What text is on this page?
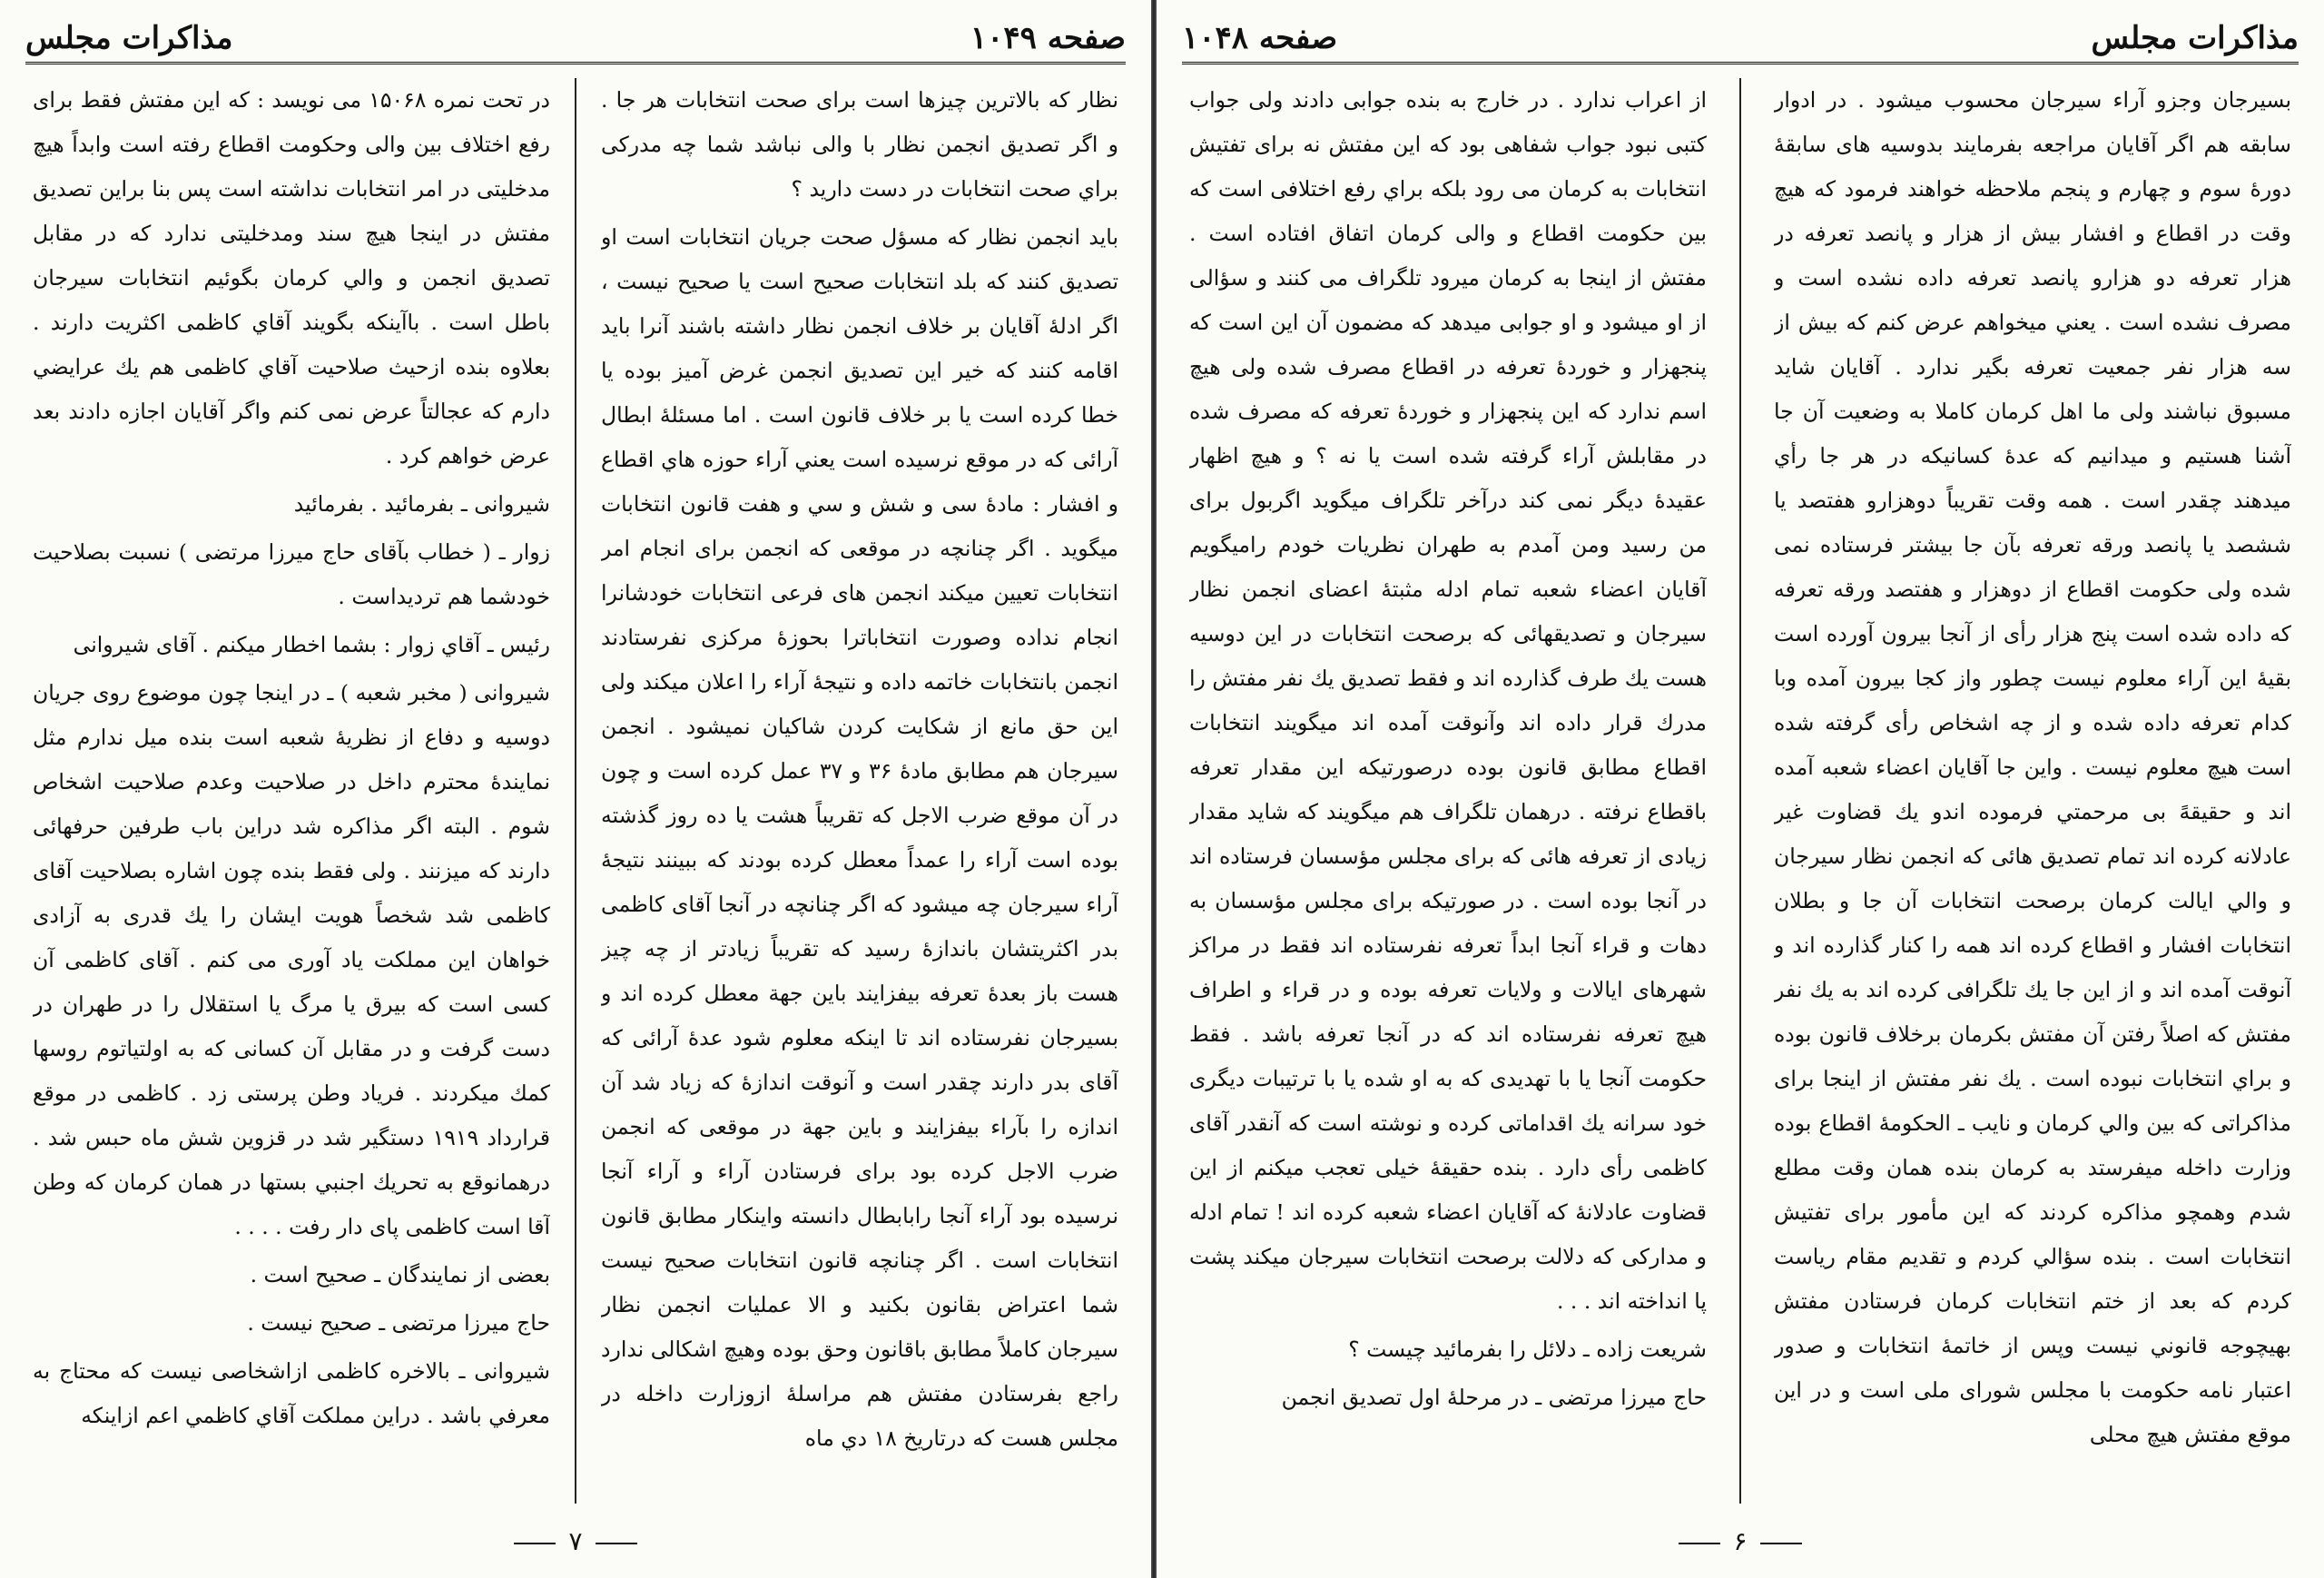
صفحه ۱۰۴۹
مذاکرات مجلس

نظار که بالاترین چیزها است برای صحت انتخابات هر جا . و اگر تصدیق انجمن نظار با والی نباشد شما چه مدرکی براي صحت انتخابات در دست دارید ؟

باید انجمن نظار که مسؤل صحت جریان انتخابات است او تصدیق کنند که بلد انتخابات صحیح است یا صحیح نیست ، اگر ادلهٔ آقایان بر خلاف انجمن نظار داشته باشند آنرا باید اقامه کنند که خیر این تصدیق انجمن غرض آمیز بوده یا خطا کرده است یا بر خلاف قانون است . اما مسئلهٔ ابطال آرائی که در موقع نرسیده است یعني آراء حوزه هاي اقطاع و افشار : مادهٔ سی و شش و سي و هفت قانون انتخابات میگوید . اگر چنانچه در موقعی که انجمن برای انجام امر انتخابات تعیین میکند انجمن های فرعی انتخابات خودشانرا انجام نداده وصورت انتخاباترا بحوزهٔ مرکزی نفرستادند انجمن بانتخابات خاتمه داده و نتیجهٔ آراء را اعلان میکند ولی این حق مانع از شکایت کردن شاکیان نمیشود . انجمن سیرجان هم مطابق مادهٔ ۳۶ و ۳۷ عمل کرده است و چون در آن موقع ضرب الاجل که تقریباً هشت یا ده روز گذشته بوده است آراء را عمداً معطل کرده بودند که ببینند نتیجهٔ آراء سیرجان چه میشود که اگر چنانچه در آنجا آقای کاظمی بدر اکثریتشان باندازهٔ رسید که تقریباً زیادتر از چه چیز هست باز بعدهٔ تعرفه بیفزایند باین جهة معطل کرده اند و بسیرجان نفرستاده اند تا اینکه معلوم شود عدهٔ آرائی که آقای بدر دارند چقدر است و آنوقت اندازهٔ که زیاد شد آن اندازه را بآراء بیفزایند و باین جهة در موقعی که انجمن ضرب الاجل کرده بود برای فرستادن آراء و آراء آنجا نرسیده بود آراء آنجا رابابطال دانسته واینکار مطابق قانون انتخابات است . اگر چنانچه قانون انتخابات صحیح نیست شما اعتراض بقانون بکنید و الا عملیات انجمن نظار سیرجان کاملاً مطابق باقانون وحق بوده وهیچ اشکالی ندارد راجع بفرستادن مفتش هم مراسلهٔ ازوزارت داخله در مجلس هست که درتاریخ ۱۸ دي ماه

در تحت نمره ۱۵۰۶۸ می نویسد : که این مفتش فقط برای رفع اختلاف بین والی وحکومت اقطاع رفته است وابداً هیچ مدخلیتی در امر انتخابات نداشته است پس بنا براین تصدیق مفتش در اینجا هیچ سند ومدخلیتی ندارد که در مقابل تصدیق انجمن و والي کرمان بگوئیم انتخابات سیرجان باطل است . باآینکه بگویند آقاي کاظمی اکثریت دارند . بعلاوه بنده ازحیث صلاحیت آقاي کاظمی هم یك عرایضي دارم که عجالتاً عرض نمی کنم واگر آقایان اجازه دادند بعد عرض خواهم کرد .

شیروانی ـ بفرمائید . بفرمائید

زوار ـ ( خطاب بآقای حاج میرزا مرتضی ) نسبت بصلاحیت خودشما هم تردیداست .

رئیس ـ آقاي زوار : بشما اخطار میکنم . آقای شیروانی

شیروانی ( مخبر شعبه ) ـ در اینجا چون موضوع روی جریان دوسیه و دفاع از نظریهٔ شعبه است بنده میل ندارم مثل نمایندهٔ محترم داخل در صلاحیت وعدم صلاحیت اشخاص شوم . البته اگر مذاکره شد دراین باب طرفین حرفهائی دارند که میزنند . ولی فقط بنده چون اشاره بصلاحیت آقای کاظمی شد شخصاً هویت ایشان را یك قدری به آزادی خواهان این مملکت یاد آوری می کنم . آقای کاظمی آن کسی است که بیرق یا مرگ یا استقلال را در طهران در دست گرفت و در مقابل آن کسانی که به اولتیاتوم روسها کمك میکردند . فریاد وطن پرستی زد . کاظمی در موقع قرارداد ۱۹۱۹ دستگیر شد در قزوین شش ماه حبس شد . درهمانوقع به تحریك اجنبي بستها در همان کرمان که وطن آقا است کاظمی پای دار رفت . . . .

بعضی از نمایندگان ـ صحیح است .

حاج میرزا مرتضی ـ صحیح نیست .

شیروانی ـ بالاخره کاظمی ازاشخاصی نیست که محتاج به معرفي باشد . دراین مملکت آقاي کاظمي اعم ازاینکه

۷
مذاکرات مجلس
صفحه ۱۰۴۸

بسیرجان وجزو آراء سیرجان محسوب میشود . در ادوار سابقه هم اگر آقایان مراجعه بفرمایند بدوسیه های سابقهٔ دورهٔ سوم و چهارم و پنجم ملاحظه خواهند فرمود که هیچ وقت در اقطاع و افشار بیش از هزار و پانصد تعرفه در هزار تعرفه دو هزارو پانصد تعرفه داده نشده است و مصرف نشده است . یعني میخواهم عرض کنم که بیش از سه هزار نفر جمعیت تعرفه بگیر ندارد . آقایان شاید مسبوق نباشند ولی ما اهل کرمان کاملا به وضعیت آن جا آشنا هستیم و میدانیم که عدهٔ کسانیکه در هر جا رأي میدهند چقدر است . همه وقت تقریباً دوهزارو هفتصد یا ششصد یا پانصد ورقه تعرفه بآن جا بیشتر فرستاده نمی شده ولی حکومت اقطاع از دوهزار و هفتصد ورقه تعرفه که داده شده است پنج هزار رأی از آنجا بیرون آورده است بقیهٔ این آراء معلوم نیست چطور واز کجا بیرون آمده وبا کدام تعرفه داده شده و از چه اشخاص رأی گرفته شده است هیچ معلوم نیست . واین جا آقایان اعضاء شعبه آمده اند و حقیقهً بی مرحمتي فرموده اندو یك قضاوت غیر عادلانه کرده اند تمام تصدیق هائی که انجمن نظار سیرجان و والي ایالت کرمان برصحت انتخابات آن جا و بطلان انتخابات افشار و اقطاع کرده اند همه را کنار گذارده اند و آنوقت آمده اند و از این جا یك تلگرافی کرده اند به یك نفر مفتش که اصلاً رفتن آن مفتش بکرمان برخلاف قانون بوده و براي انتخابات نبوده است . یك نفر مفتش از اینجا برای مذاکراتی که بین والي کرمان و نایب ـ الحکومهٔ اقطاع بوده وزارت داخله میفرستد به کرمان بنده همان وقت مطلع شدم وهمچو مذاکره کردند که این مأمور برای تفتیش انتخابات است . بنده سؤالي کردم و تقدیم مقام ریاست کردم که بعد از ختم انتخابات کرمان فرستادن مفتش بهیچوجه قانوني نیست وپس از خاتمهٔ انتخابات و صدور اعتبار نامه حکومت با مجلس شورای ملی است و در این موقع مفتش هیچ محلی

از اعراب ندارد . در خارج به بنده جوابی دادند ولی جواب کتبی نبود جواب شفاهی بود که این مفتش نه برای تفتیش انتخابات به کرمان می رود بلکه براي رفع اختلافی است که بین حکومت اقطاع و والی کرمان اتفاق افتاده است . مفتش از اینجا به کرمان میرود تلگراف می کنند و سؤالی از او میشود و او جوابی میدهد که مضمون آن این است که پنجهزار و خوردهٔ تعرفه در اقطاع مصرف شده ولی هیچ اسم ندارد که این پنجهزار و خوردهٔ تعرفه که مصرف شده در مقابلش آراء گرفته شده است یا نه ؟ و هیچ اظهار عقیدهٔ دیگر نمی کند درآخر تلگراف میگوید اگربول برای من رسید ومن آمدم به طهران نظریات خودم رامیگویم آقایان اعضاء شعبه تمام ادله مثبتهٔ اعضای انجمن نظار سیرجان و تصدیقهائی که برصحت انتخابات در این دوسیه هست یك طرف گذارده اند و فقط تصدیق یك نفر مفتش را مدرك قرار داده اند وآنوقت آمده اند میگویند انتخابات اقطاع مطابق قانون بوده درصورتیکه این مقدار تعرفه باقطاع نرفته . درهمان تلگراف هم میگویند که شاید مقدار زیادی از تعرفه هائی که برای مجلس مؤسسان فرستاده اند در آنجا بوده است . در صورتیکه برای مجلس مؤسسان به دهات و قراء آنجا ابداً تعرفه نفرستاده اند فقط در مراکز شهرهای ایالات و ولایات تعرفه بوده و در قراء و اطراف هیچ تعرفه نفرستاده اند که در آنجا تعرفه باشد . فقط حکومت آنجا یا با تهدیدی که به او شده یا با ترتیبات دیگری خود سرانه یك اقداماتی کرده و نوشته است که آنقدر آقای کاظمی رأی دارد . بنده حقیقهٔ خیلی تعجب میکنم از این قضاوت عادلانهٔ که آقایان اعضاء شعبه کرده اند ! تمام ادله و مدارکی که دلالت برصحت انتخابات سیرجان میکند پشت پا انداخته اند . . .

شریعت زاده ـ دلائل را بفرمائید چیست ؟

حاج میرزا مرتضی ـ در مرحلهٔ اول تصدیق انجمن

۶
